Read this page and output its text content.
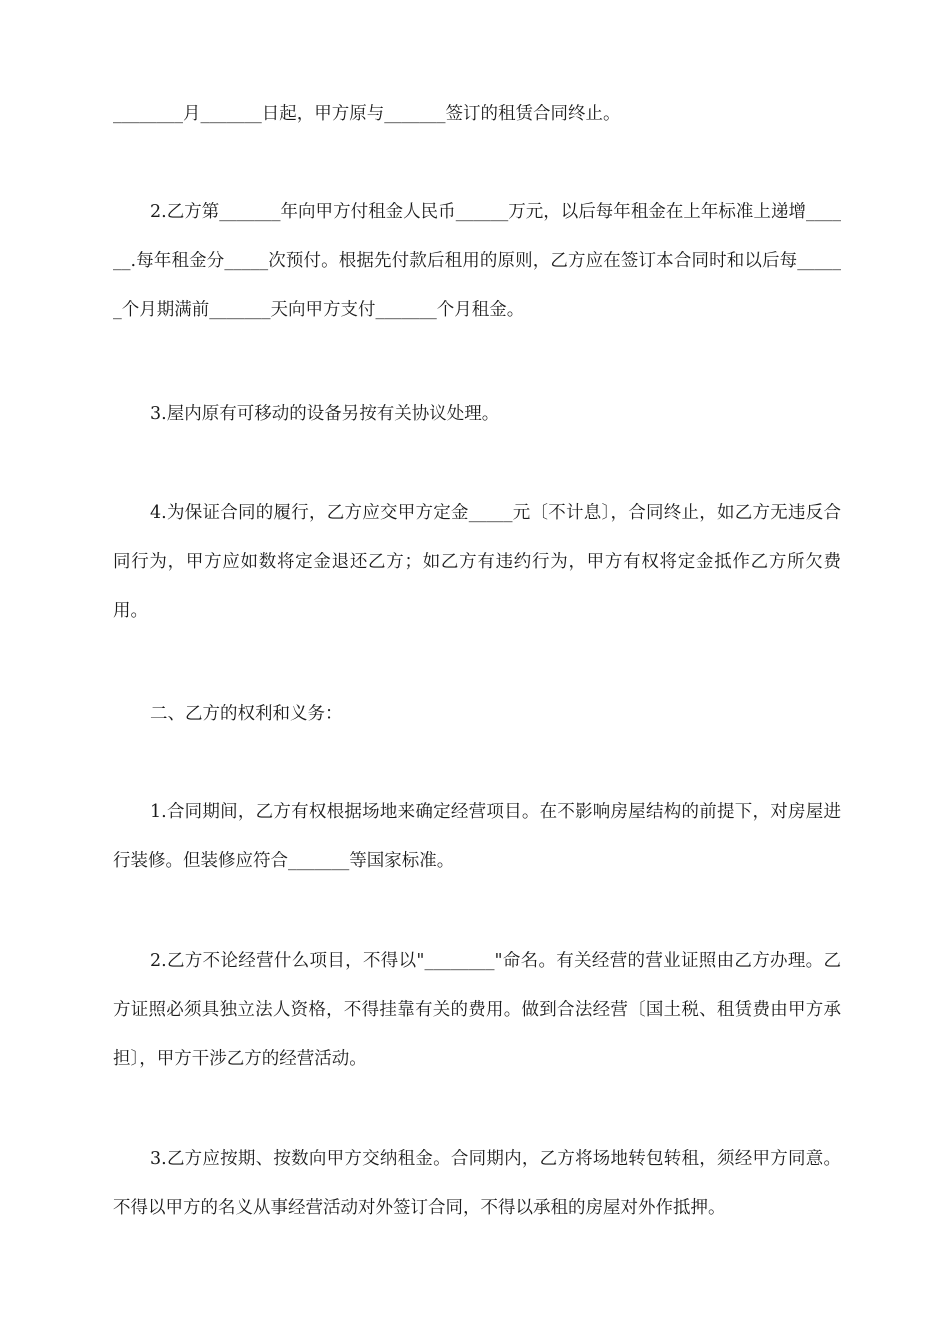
________月_______日起，甲方原与_______签订的租赁合同终止。

2.乙方第_______年向甲方付租金人民币______万元，以后每年租金在上年标准上递增______.每年租金分_____次预付。根据先付款后租用的原则，乙方应在签订本合同时和以后每______个月期满前_______天向甲方支付_______个月租金。

3.屋内原有可移动的设备另按有关协议处理。

4.为保证合同的履行，乙方应交甲方定金_____元〔不计息〕，合同终止，如乙方无违反合同行为，甲方应如数将定金退还乙方；如乙方有违约行为，甲方有权将定金抵作乙方所欠费用。

二、乙方的权利和义务：

1.合同期间，乙方有权根据场地来确定经营项目。在不影响房屋结构的前提下，对房屋进行装修。但装修应符合_______等国家标准。

2.乙方不论经营什么项目，不得以"________"命名。有关经营的营业证照由乙方办理。乙方证照必须具独立法人资格，不得挂靠有关的费用。做到合法经营〔国土税、租赁费由甲方承担〕，甲方干涉乙方的经营活动。

3.乙方应按期、按数向甲方交纳租金。合同期内，乙方将场地转包转租，须经甲方同意。不得以甲方的名义从事经营活动对外签订合同，不得以承租的房屋对外作抵押。
